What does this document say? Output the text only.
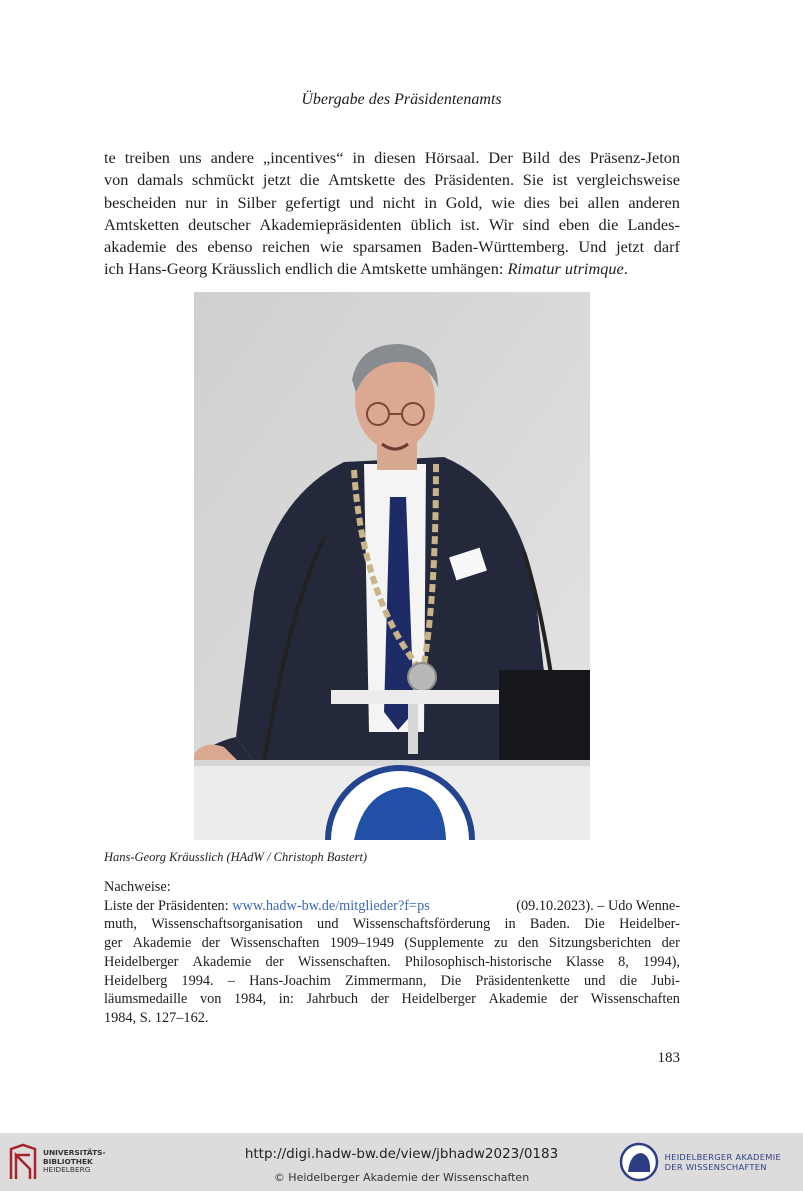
Übergabe des Präsidentenamts
te treiben uns andere „incentives“ in diesen Hörsaal. Der Bild des Präsenz-Jeton
von damals schmückt jetzt die Amtskette des Präsidenten. Sie ist vergleichsweise
bescheiden nur in Silber gefertigt und nicht in Gold, wie dies bei allen anderen
Amtsketten deutscher Akademiepräsidenten üblich ist. Wir sind eben die Landes-
akademie des ebenso reichen wie sparsamen Baden-Württemberg. Und jetzt darf
ich Hans-Georg Kräusslich endlich die Amtskette umhängen: Rimatur utrimque .
Hans-Georg Kräusslich (HAdW / Christoph Bastert)
Nachweise:
Liste der Präsidenten: www.hadw-bw.de/mitglieder?f=ps	(09.10.2023). – Udo Wenne-
muth, Wissenschaftsorganisation und Wissenschaftsförderung in Baden. Die Heidelber-
ger Akademie der Wissenschaften 1909–1949 (Supplemente zu den Sitzungsberichten der
Heidelberger Akademie der Wissenschaften. Philosophisch-historische Klasse 8, 1994),
Heidelberg 1994. – Hans-Joachim Zimmermann, Die Präsidentenkette und die Jubi-
läumsmedaille von 1984, in: Jahrbuch der Heidelberger Akademie der Wissenschaften
1984, S. 127–162.
183
UNIVERSITÄTS-
BIBLIOTHEK
HEIDELBERG
http://digi.hadw-bw.de/view/jbhadw2023/0183
© Heidelberger Akademie der Wissenschaften
HEIDELBERGER AKADEMIE
DER WISSENSCHAFTEN
